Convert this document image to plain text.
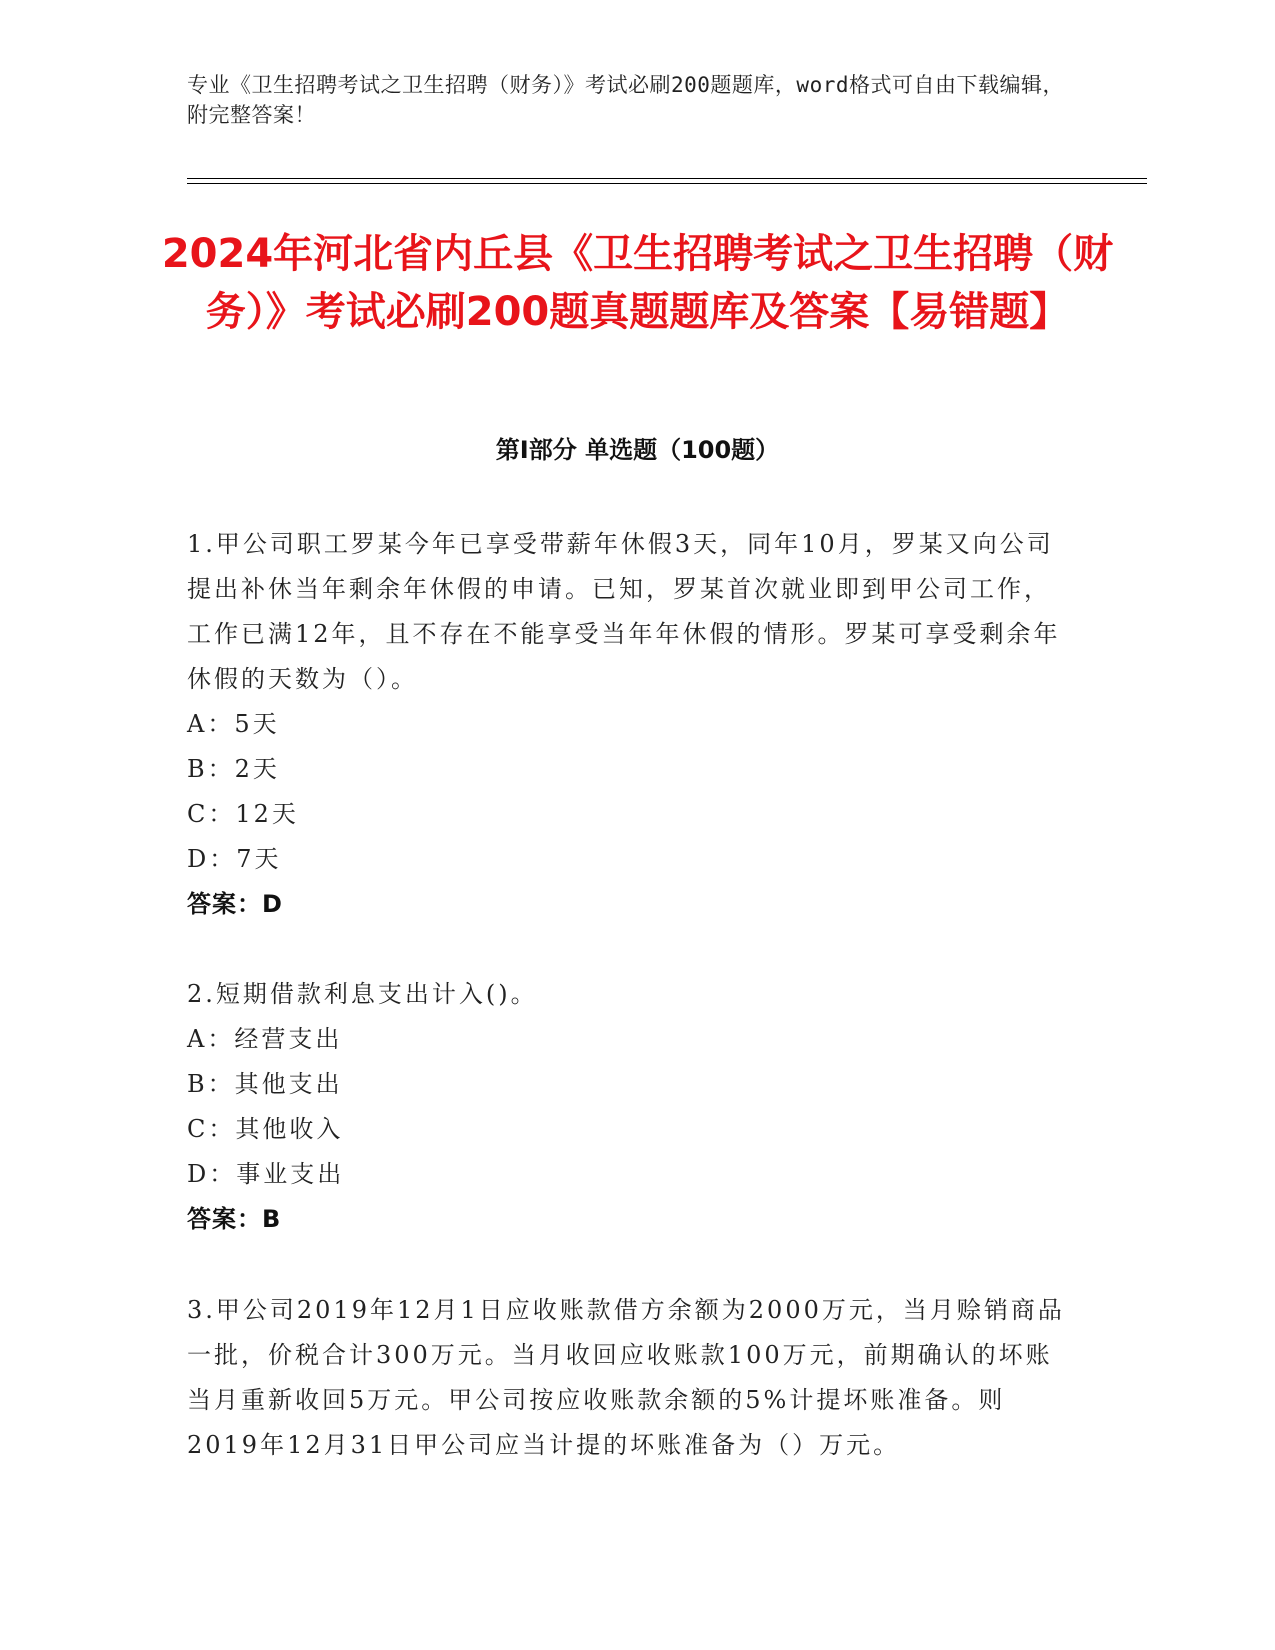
专业《卫生招聘考试之卫生招聘（财务）》考试必刷200题题库，word格式可自由下载编辑，附完整答案！
2024年河北省内丘县《卫生招聘考试之卫生招聘（财务）》考试必刷200题真题题库及答案【易错题】
第I部分 单选题（100题）

1.甲公司职工罗某今年已享受带薪年休假3天，同年10月，罗某又向公司提出补休当年剩余年休假的申请。已知，罗某首次就业即到甲公司工作，工作已满12年，且不存在不能享受当年年休假的情形。罗某可享受剩余年休假的天数为（）。

A：5天

B：2天

C：12天

D：7天

答案：D

2.短期借款利息支出计入()。

A：经营支出

B：其他支出

C：其他收入

D：事业支出

答案：B

3.甲公司2019年12月1日应收账款借方余额为2000万元，当月赊销商品一批，价税合计300万元。当月收回应收账款100万元，前期确认的坏账当月重新收回5万元。甲公司按应收账款余额的5%计提坏账准备。则2019年12月31日甲公司应当计提的坏账准备为（）万元。
